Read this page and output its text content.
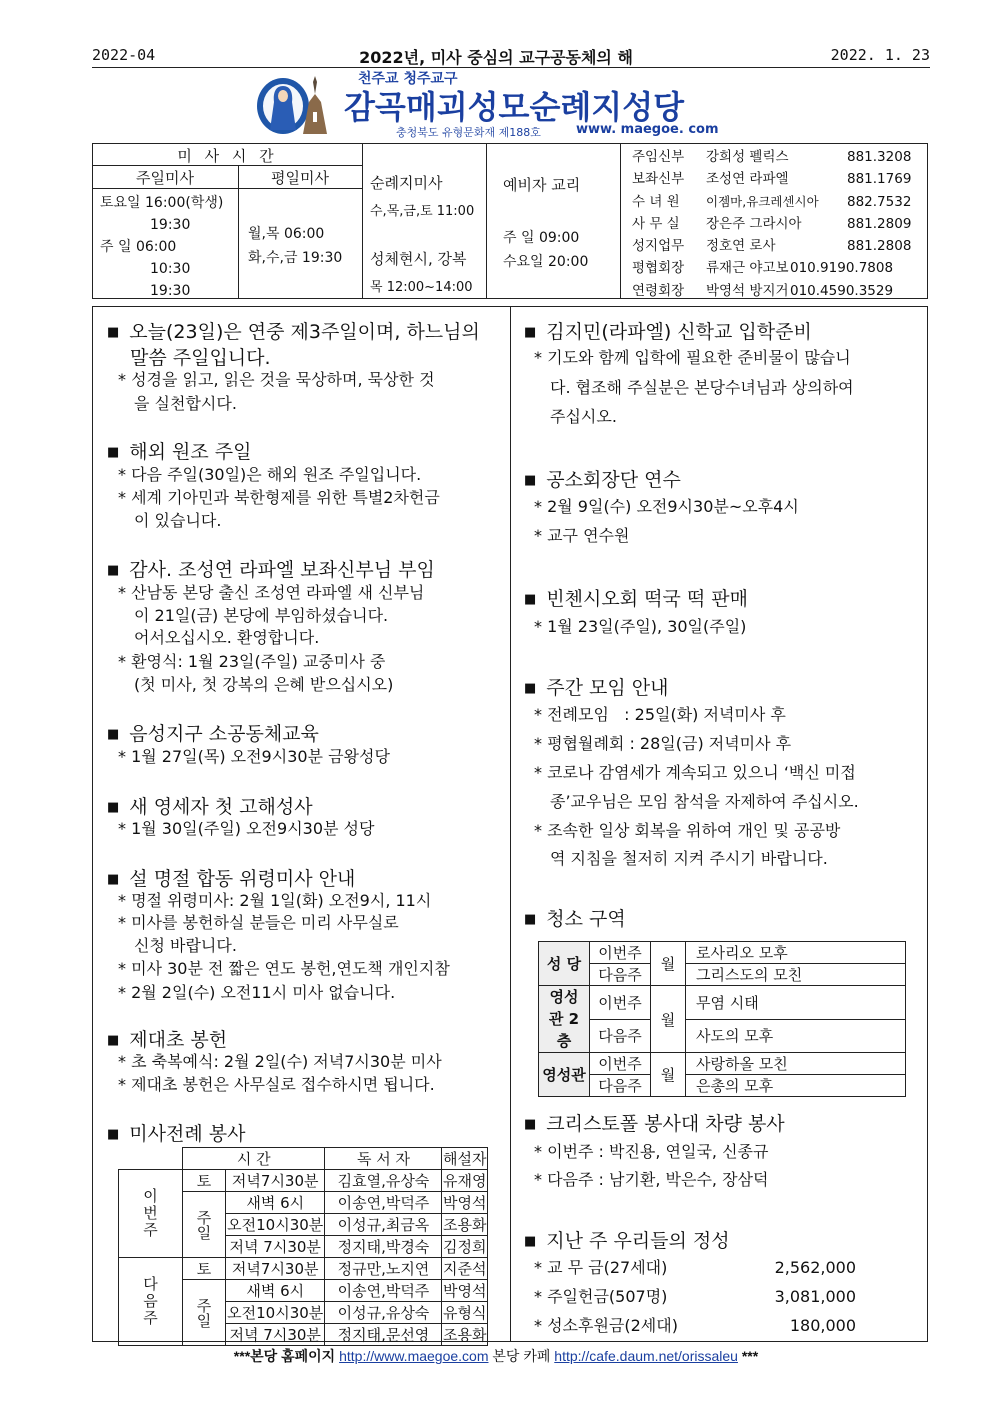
2022-04	2022년, 미사 중심의 교구공동체의 해	2022. 1. 23
천주교 청주교구
감곡매괴성모순례지성당
충청북도 유형문화재 제188호	www. maegoe. com
미 사 시 간
주일미사	평일미사
토요일 16:00(학생)
19:30
주 일 06:00
10:30
19:30
월,목 06:00
화,수,금 19:30
순례지미사
수,목,금,토 11:00
성체현시, 강복
목 12:00~14:00
예비자 교리
주 일 09:00
수요일 20:00
주임신부 강희성 펠릭스	881.3208
보좌신부 조성연 라파엘	881.1769
수 녀 원 이젬마,유크레센시아 882.7532
사 무 실 장은주 그라시아	881.2809
성지업무 정호연 로사	881.2808
평협회장 류재근 야고보010.9190.7808
연령회장 박영석 방지거010.4590.3529
■ 오늘(23일)은 연중 제3주일이며, 하느님의
말씀 주일입니다.
* 성경을 읽고, 읽은 것을 묵상하며, 묵상한 것
을 실천합시다.
■ 해외 원조 주일
* 다음 주일(30일)은 해외 원조 주일입니다.
* 세계 기아민과 북한형제를 위한 특별2차헌금
이 있습니다.
■ 감사. 조성연 라파엘 보좌신부님 부임
* 산남동 본당 출신 조성연 라파엘 새 신부님
이 21일(금) 본당에 부임하셨습니다.
어서오십시오. 환영합니다.
* 환영식: 1월 23일(주일) 교중미사 중
(첫 미사, 첫 강복의 은혜 받으십시오)
■ 음성지구 소공동체교육
* 1월 27일(목) 오전9시30분 금왕성당
■ 새 영세자 첫 고해성사
* 1월 30일(주일) 오전9시30분 성당
■ 설 명절 합동 위령미사 안내
* 명절 위령미사: 2월 1일(화) 오전9시, 11시
* 미사를 봉헌하실 분들은 미리 사무실로
신청 바랍니다.
* 미사 30분 전 짧은 연도 봉헌,연도책 개인지참
* 2월 2일(수) 오전11시 미사 없습니다.
■ 제대초 봉헌
* 초 축복예식: 2월 2일(수) 저녁7시30분 미사
* 제대초 봉헌은 사무실로 접수하시면 됩니다.
■ 미사전례 봉사
	시 간		독 서 자	해설자
이번주	토	저녁7시30분	김효열,유상숙	유재영
	주일	새벽 6시	이송연,박덕주	박영석
		오전10시30분	이성규,최금옥	조용화
		저녁 7시30분	정지태,박경숙	김정희
다음주	토	저녁7시30분	정규만,노지연	지준석
	주일	새벽 6시	이송연,박덕주	박영석
		오전10시30분	이성규,유상숙	유형식
		저녁 7시30분	정지태,문선영	조용화
■ 김지민(라파엘) 신학교 입학준비
* 기도와 함께 입학에 필요한 준비물이 많습니
다. 협조해 주실분은 본당수녀님과 상의하여
주십시오.
■ 공소회장단 연수
* 2월 9일(수) 오전9시30분~오후4시
* 교구 연수원
■ 빈첸시오회 떡국 떡 판매
* 1월 23일(주일), 30일(주일)
■ 주간 모임 안내
* 전례모임   : 25일(화) 저녁미사 후
* 평협월례회 : 28일(금) 저녁미사 후
* 코로나 감염세가 계속되고 있으니 ‘백신 미접
종’교우님은 모임 참석을 자제하여 주십시오.
* 조속한 일상 회복을 위하여 개인 및 공공방
역 지침을 철저히 지켜 주시기 바랍니다.
■ 청소 구역
성 당	이번주	월	로사리오 모후
	다음주		그리스도의 모친
영성관 2층	이번주	월	무염 시태
	다음주		사도의 모후
영성관	이번주	월	사랑하올 모친
	다음주		은총의 모후
■ 크리스토폴 봉사대 차량 봉사
* 이번주 : 박진용, 연일국, 신종규
* 다음주 : 남기환, 박은수, 장삼덕
■ 지난 주 우리들의 정성
* 교 무 금(27세대)	2,562,000
* 주일헌금(507명)	3,081,000
* 성소후원금(2세대)	180,000
***본당 홈페이지 http://www.maegoe.com 본당 카페 http://cafe.daum.net/orissaleu ***
